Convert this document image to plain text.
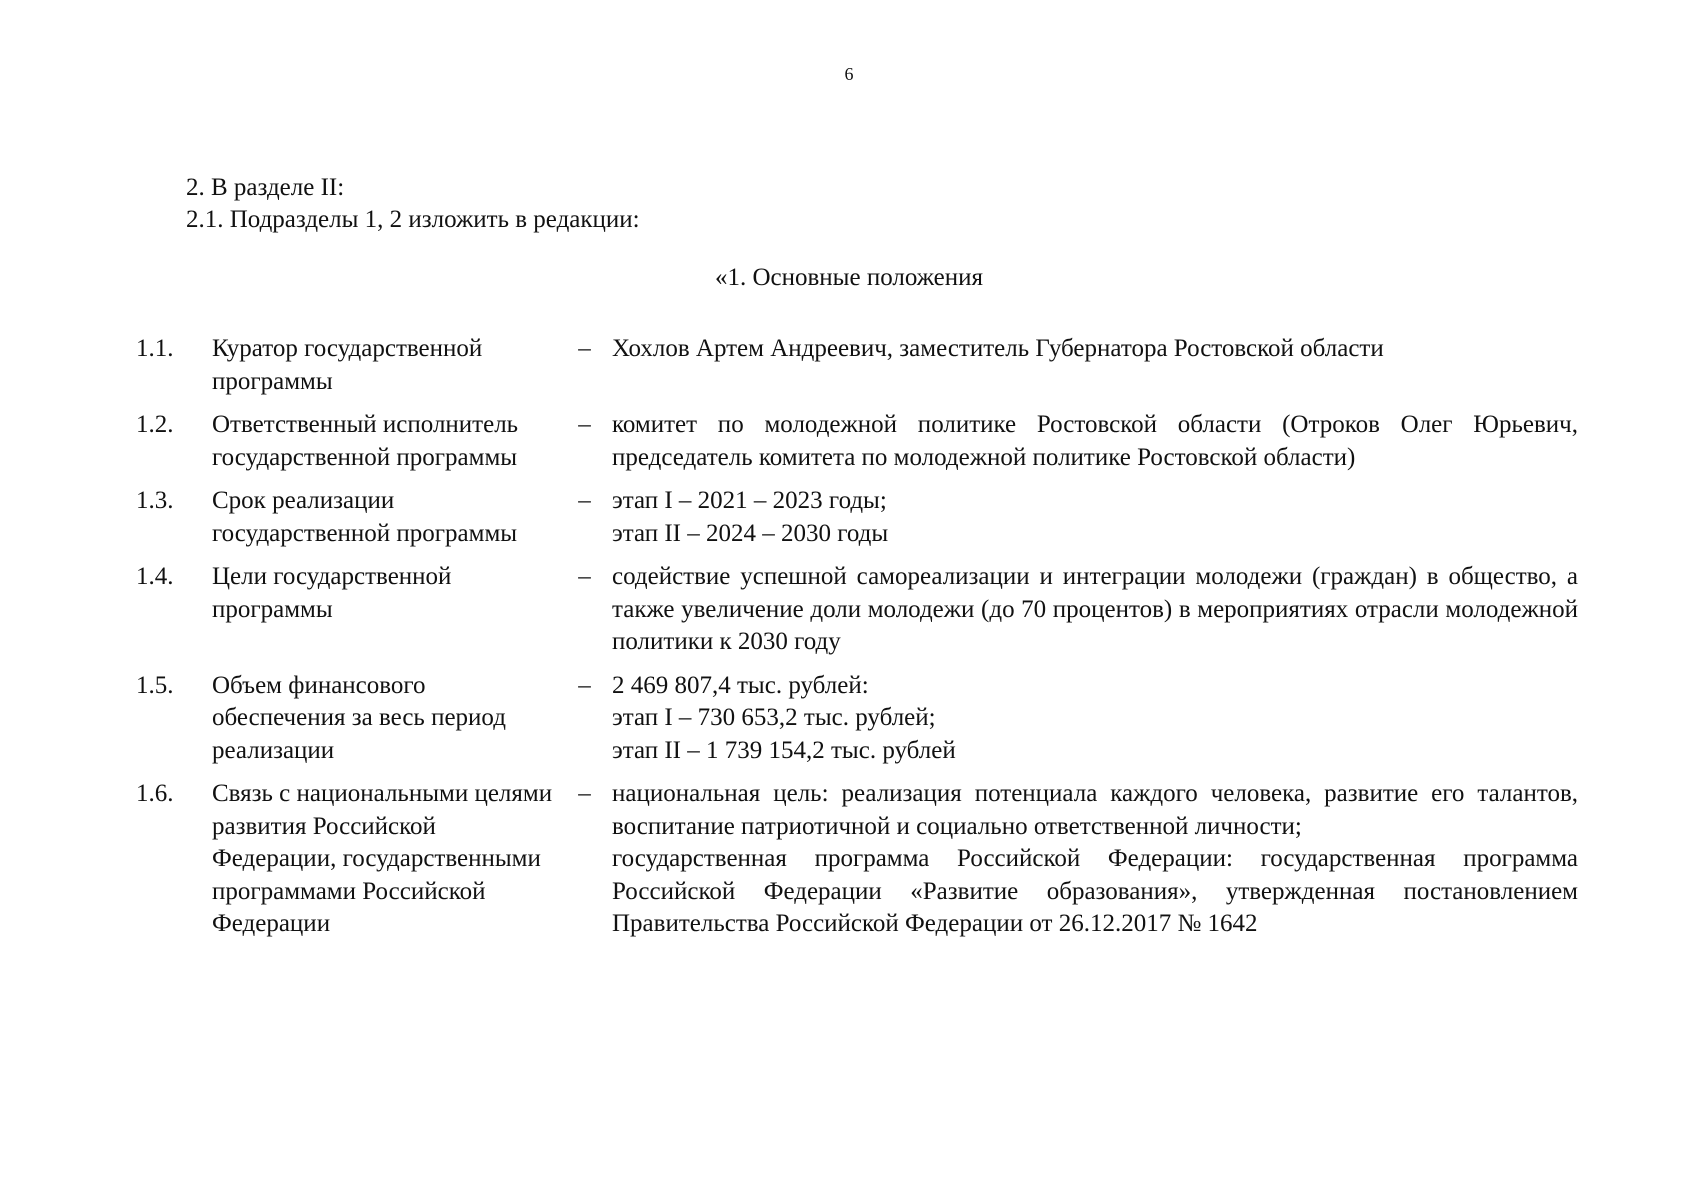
6
2. В разделе II:
2.1. Подразделы 1, 2 изложить в редакции:
«1. Основные положения
1.1.	Куратор государственной программы	–	Хохлов Артем Андреевич, заместитель Губернатора Ростовской области

1.2.	Ответственный исполнитель государственной программы	–	комитет по молодежной политике Ростовской области (Отроков Олег Юрьевич, председатель комитета по молодежной политике Ростовской области)

1.3.	Срок реализации государственной программы	–	этап I – 2021 – 2023 годы;
этап II – 2024 – 2030 годы

1.4.	Цели государственной программы	–	содействие успешной самореализации и интеграции молодежи (граждан) в общество, а также увеличение доли молодежи (до 70 процентов) в мероприятиях отрасли молодежной политики к 2030 году

1.5.	Объем финансового обеспечения за весь период реализации	–	2 469 807,4 тыс. рублей:
этап I – 730 653,2 тыс. рублей;
этап II – 1 739 154,2 тыс. рублей

1.6.	Связь с национальными целями развития Российской Федерации, государственными программами Российской Федерации	–	национальная цель: реализация потенциала каждого человека, развитие его талантов, воспитание патриотичной и социально ответственной личности;
государственная программа Российской Федерации: государственная программа Российской Федерации «Развитие образования», утвержденная постановлением Правительства Российской Федерации от 26.12.2017 № 1642
